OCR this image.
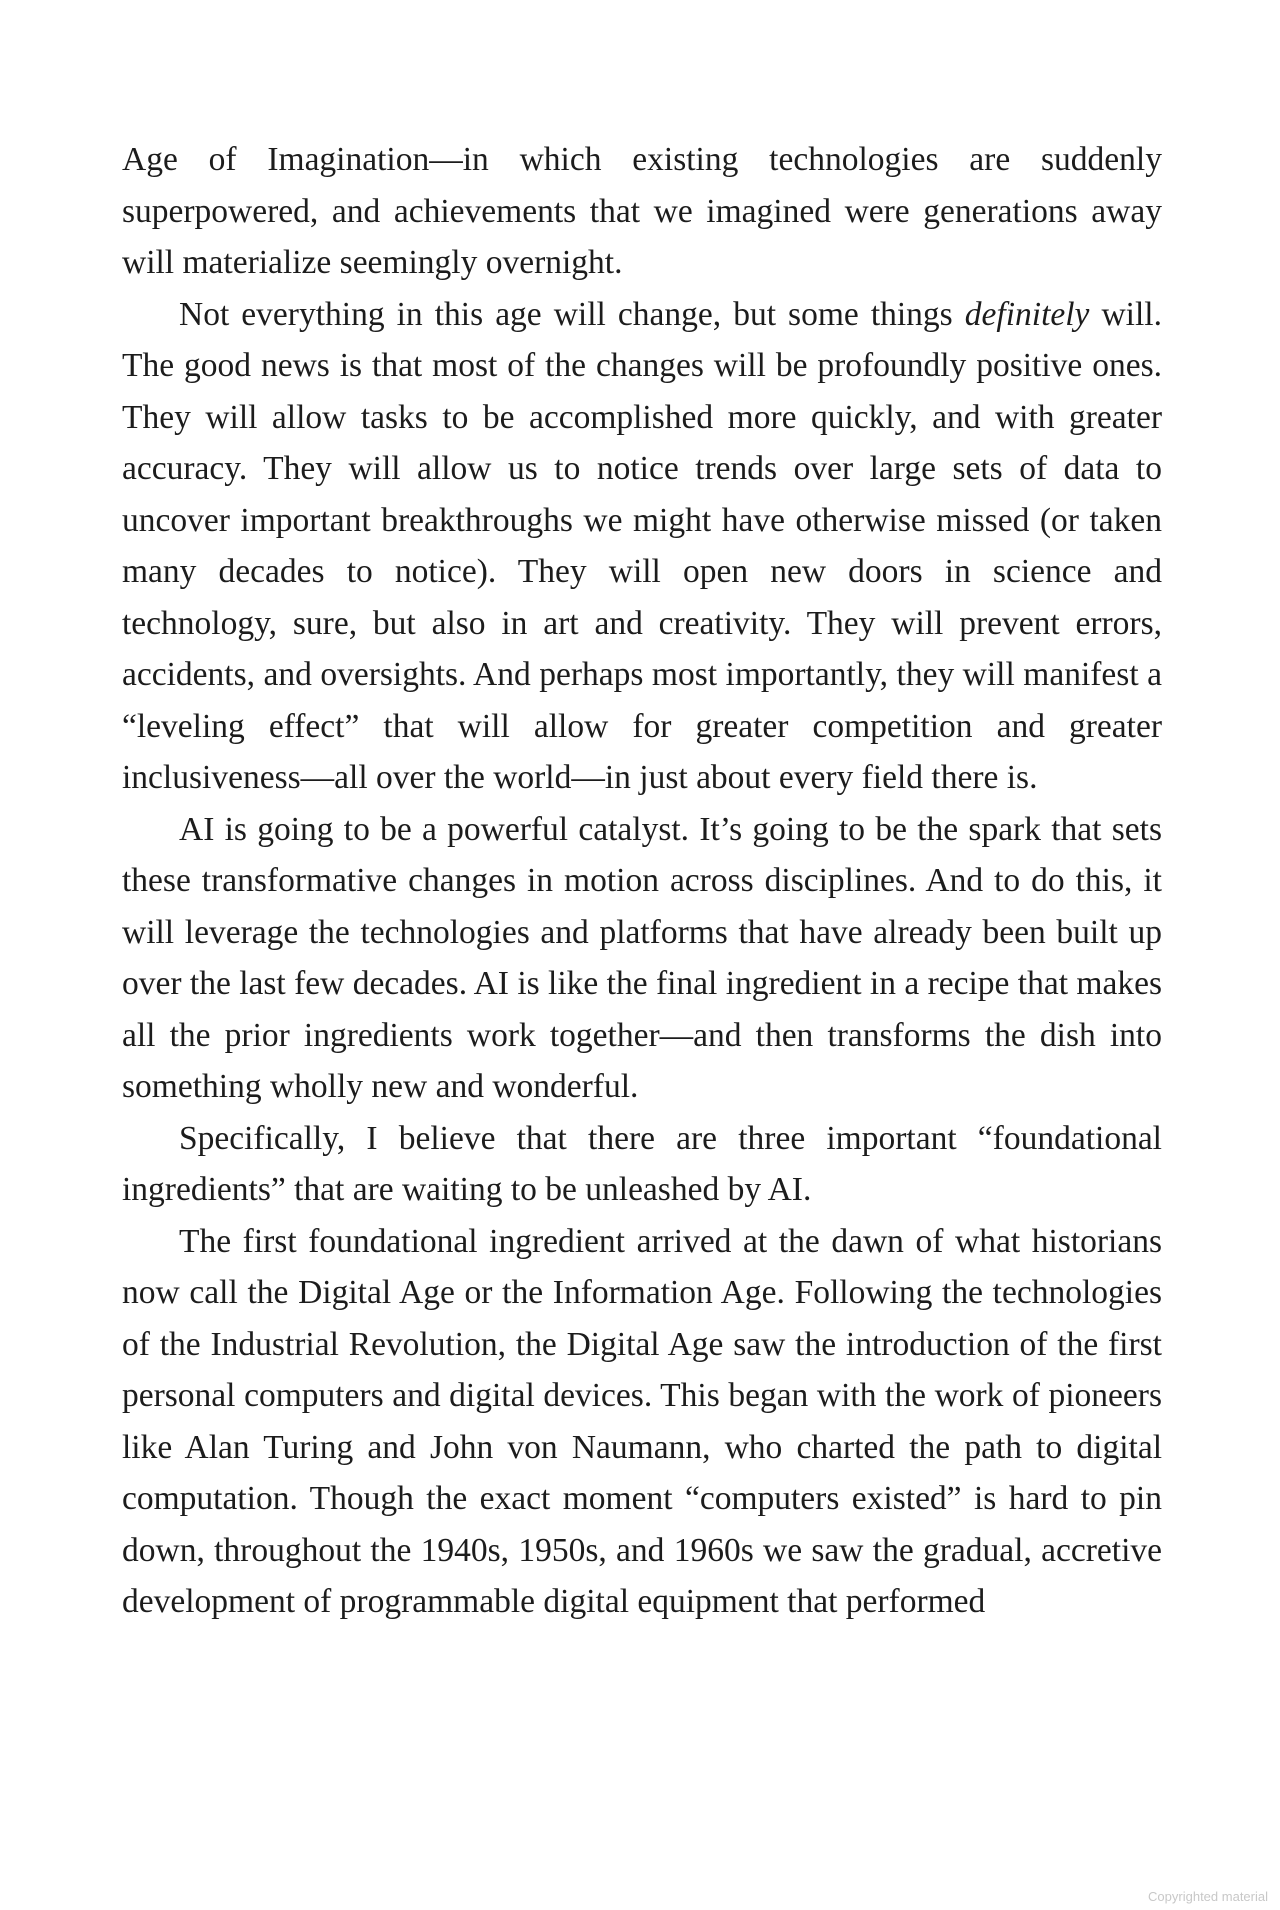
Age of Imagination—in which existing technologies are suddenly superpowered, and achievements that we imagined were generations away will materialize seemingly overnight.

Not everything in this age will change, but some things definitely will. The good news is that most of the changes will be profoundly positive ones. They will allow tasks to be accomplished more quickly, and with greater accuracy. They will allow us to notice trends over large sets of data to uncover important breakthroughs we might have otherwise missed (or taken many decades to notice). They will open new doors in science and technology, sure, but also in art and creativity. They will prevent errors, accidents, and oversights. And perhaps most importantly, they will manifest a “leveling effect” that will allow for greater competition and greater inclusiveness—all over the world—in just about every field there is.

AI is going to be a powerful catalyst. It’s going to be the spark that sets these transformative changes in motion across disciplines. And to do this, it will leverage the technologies and platforms that have already been built up over the last few decades. AI is like the final ingredient in a recipe that makes all the prior ingredients work together—and then transforms the dish into something wholly new and wonderful.

Specifically, I believe that there are three important “foundational ingredients” that are waiting to be unleashed by AI.

The first foundational ingredient arrived at the dawn of what historians now call the Digital Age or the Information Age. Following the technologies of the Industrial Revolution, the Digital Age saw the introduction of the first personal computers and digital devices. This began with the work of pioneers like Alan Turing and John von Naumann, who charted the path to digital computation. Though the exact moment “computers existed” is hard to pin down, throughout the 1940s, 1950s, and 1960s we saw the gradual, accretive development of programmable digital equipment that performed

Copyrighted material
